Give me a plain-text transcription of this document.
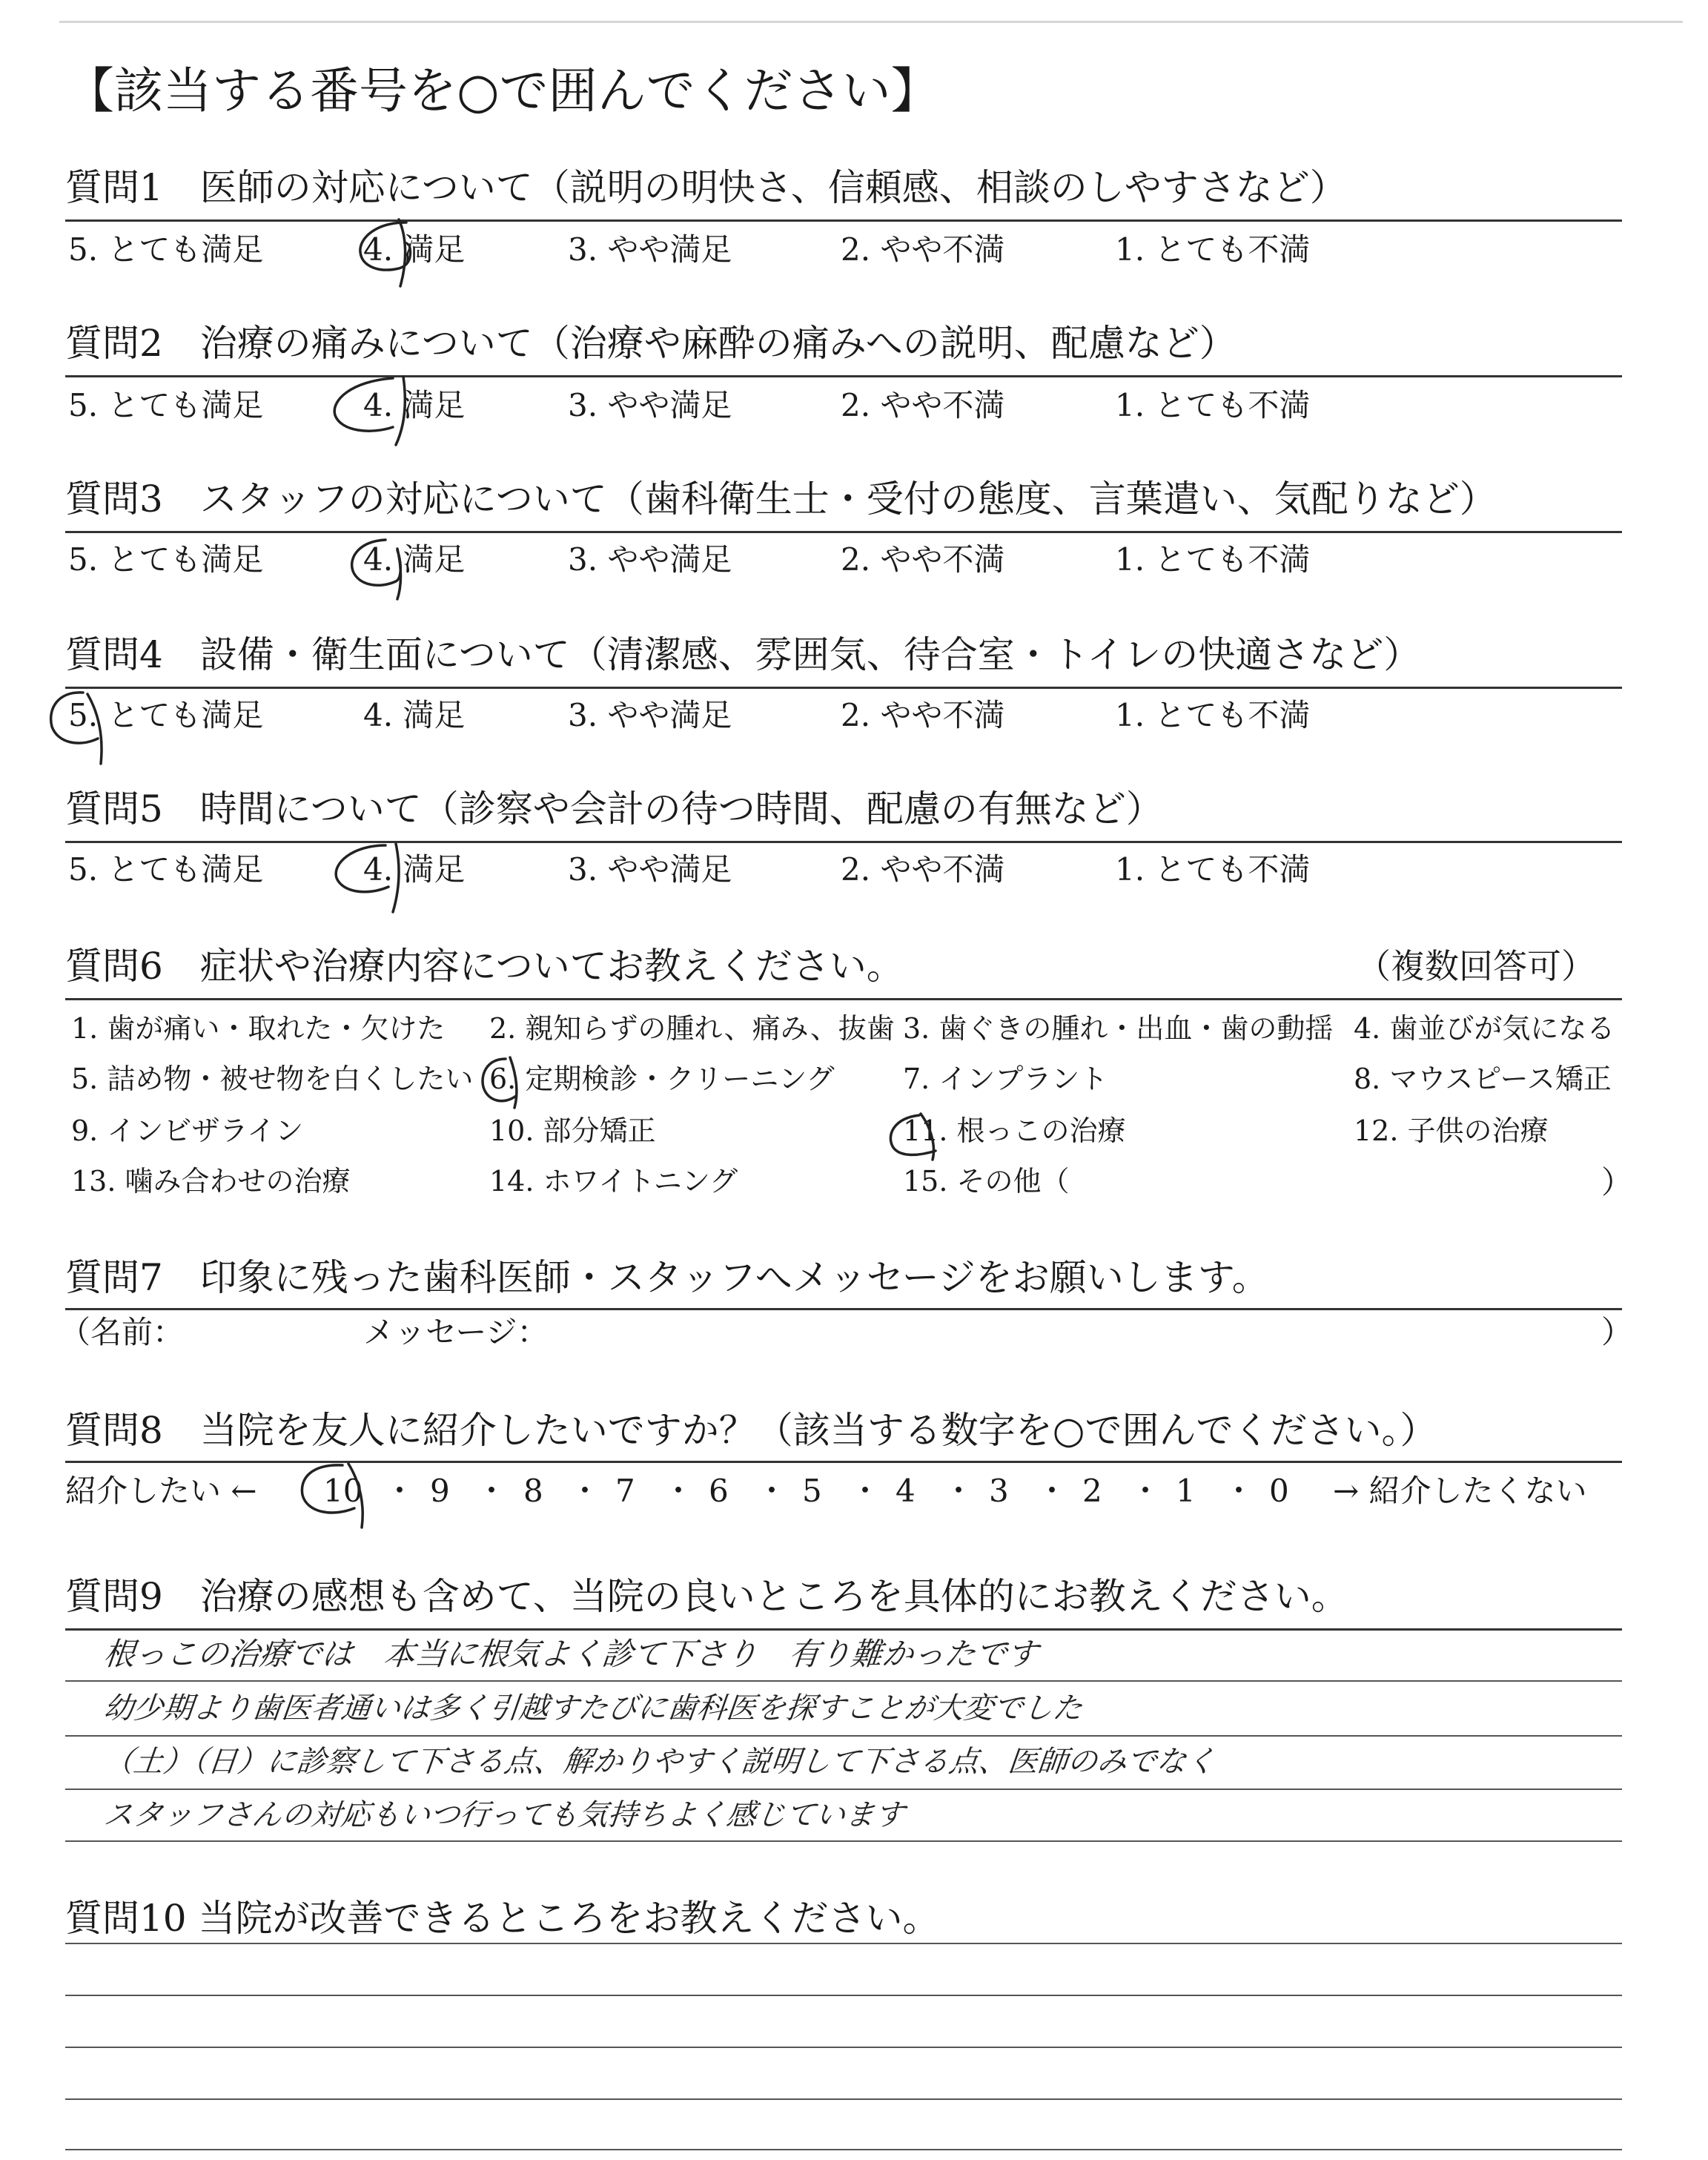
【該当する番号を○で囲んでください】
質問1　医師の対応について（説明の明快さ、信頼感、相談のしやすさなど）
5. とても満足	4. 満足	3. やや満足	2. やや不満	1. とても不満
質問2　治療の痛みについて（治療や麻酔の痛みへの説明、配慮など）
5. とても満足	4. 満足	3. やや満足	2. やや不満	1. とても不満
質問3　スタッフの対応について（歯科衛生士・受付の態度、言葉遣い、気配りなど）
5. とても満足	4. 満足	3. やや満足	2. やや不満	1. とても不満
質問4　設備・衛生面について（清潔感、雰囲気、待合室・トイレの快適さなど）
5. とても満足	4. 満足	3. やや満足	2. やや不満	1. とても不満
質問5　時間について（診察や会計の待つ時間、配慮の有無など）
5. とても満足	4. 満足	3. やや満足	2. やや不満	1. とても不満
質問6　症状や治療内容についてお教えください。	（複数回答可）
1. 歯が痛い・取れた・欠けた 2. 親知らずの腫れ、痛み、抜歯 3. 歯ぐきの腫れ・出血・歯の動揺 4. 歯並びが気になる
5. 詰め物・被せ物を白くしたい 6. 定期検診・クリーニング 7. インプラント	8. マウスピース矯正
9. インビザライン	10. 部分矯正	11. 根っこの治療	12. 子供の治療
13. 噛み合わせの治療	14. ホワイトニング	15. その他（	）
質問7　印象に残った歯科医師・スタッフへメッセージをお願いします。
（名前：	メッセージ：	）
質問8　当院を友人に紹介したいですか？（該当する数字を○で囲んでください。）
紹介したい ← 10 ・ 9 ・ 8 ・ 7 ・ 6 ・ 5 ・ 4 ・ 3 ・ 2 ・ 1 ・ 0 → 紹介したくない
質問9　治療の感想も含めて、当院の良いところを具体的にお教えください。
根っこの治療では　本当に根気よく診て下さり　有り難かったです
幼少期より歯医者通いは多く引越すたびに歯科医を探すことが大変でした
（土）（日）に診察して下さる点、解かりやすく説明して下さる点、医師のみでなく
スタッフさんの対応もいつ行っても気持ちよく感じています
質問10 当院が改善できるところをお教えください。
